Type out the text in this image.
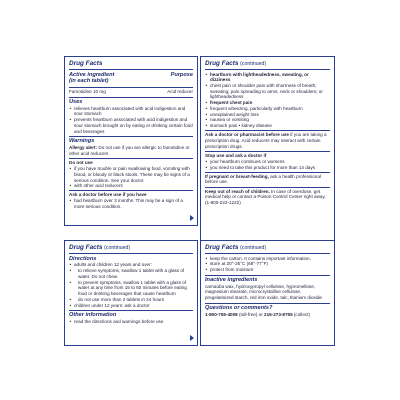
Drug Facts
Active ingredient
(in each tablet)
Purpose
Famotidine 10 mg	Acid reducer
Uses
• relieves heartburn associated with acid indigestion and sour stomach
• prevents heartburn associated with acid indigestion and sour stomach brought on by eating or drinking certain food and beverages
Warnings
Allergy alert: Do not use if you are allergic to famotidine or other acid reducers
Do not use
• if you have trouble or pain swallowing food, vomiting with blood, or bloody or black stools. These may be signs of a serious condition. See your doctor.
• with other acid reducers
Ask a doctor before use if you have
• had heartburn over 3 months. This may be a sign of a more serious condition.
Drug Facts (continued)
• heartburn with lightheadedness, sweating, or dizziness
• chest pain or shoulder pain with shortness of breath; sweating; pain spreading to arms, neck or shoulders; or lightheadedness
• frequent chest pain
• frequent wheezing, particularly with heartburn
• unexplained weight loss
• nausea or vomiting
• stomach pain • kidney disease
Ask a doctor or pharmacist before use if you are taking a prescription drug. Acid reducers may interact with certain prescription drugs.
Stop use and ask a doctor if
• your heartburn continues or worsens
• you need to take this product for more than 14 days
If pregnant or breast-feeding, ask a health professional before use.
Keep out of reach of children. In case of overdose, get medical help or contact a Poison Control Center right away. (1-800-222-1222)
Drug Facts (continued)
Directions
• adults and children 12 years and over:
• to relieve symptoms, swallow 1 tablet with a glass of water. Do not chew.
• to prevent symptoms, swallow 1 tablet with a glass of water at any time from 15 to 60 minutes before eating food or drinking beverages that cause heartburn
• do not use more than 2 tablets in 24 hours
• children under 12 years: ask a doctor
Other information
• read the directions and warnings before use
Drug Facts (continued)
• keep the carton. It contains important information.
• store at 20°-25°C (68°-77°F)
• protect from moisture
Inactive ingredients
carnauba wax, hydroxypropyl cellulose, hypromellose, magnesium stearate, microcrystalline cellulose, pregelatinized starch, red iron oxide, talc, titanium dioxide
Questions or comments?
1-800-755-4008 (toll-free) or 215-273-8755 (collect)
